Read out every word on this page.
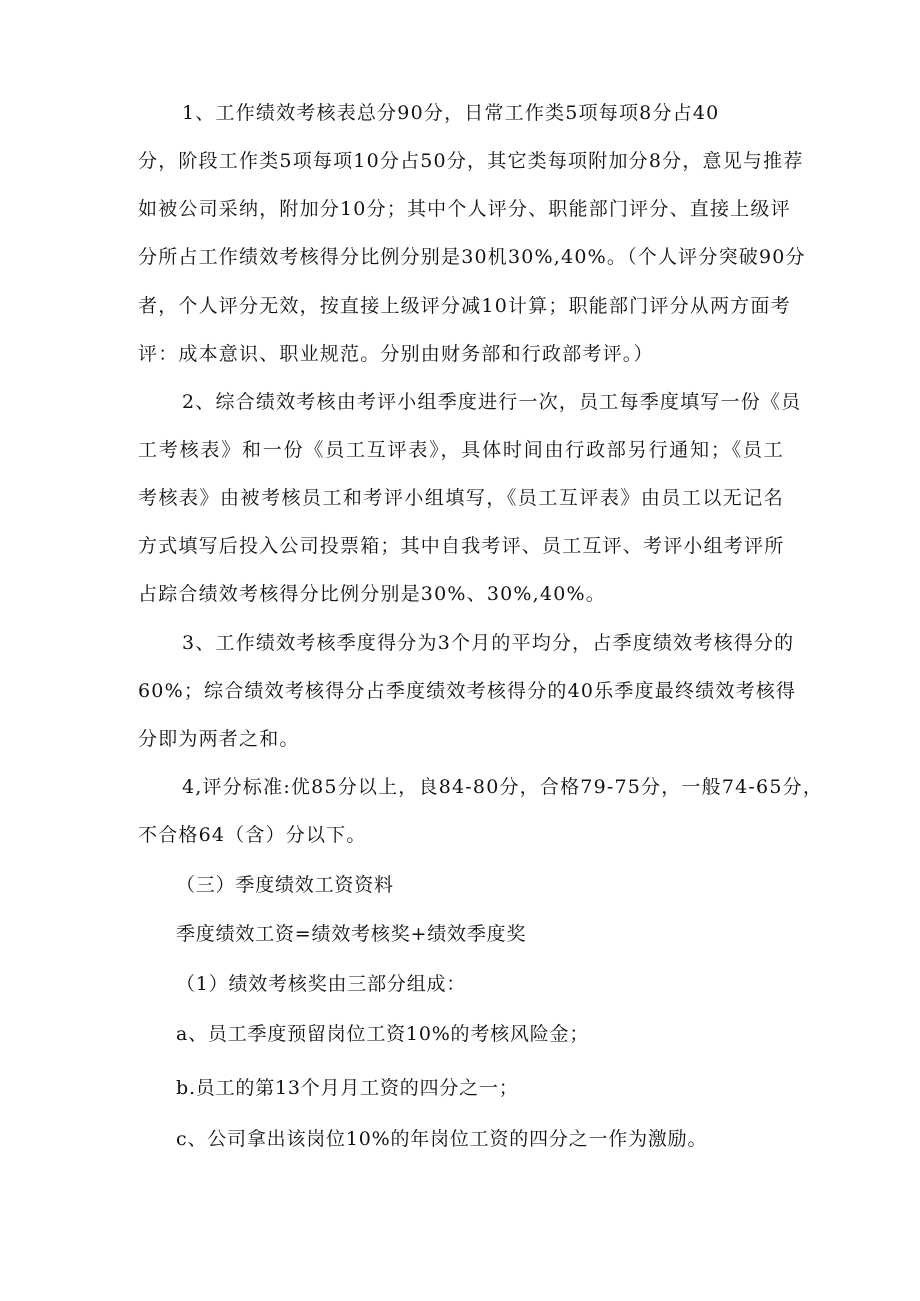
1、工作绩效考核表总分90分，日常工作类5项每项8分占40
分，阶段工作类5项每项10分占50分，其它类每项附加分8分，意见与推荐
如被公司采纳，附加分10分；其中个人评分、职能部门评分、直接上级评
分所占工作绩效考核得分比例分别是30机30%,40%。（个人评分突破90分
者，个人评分无效，按直接上级评分减10计算；职能部门评分从两方面考
评：成本意识、职业规范。分别由财务部和行政部考评。）
2、综合绩效考核由考评小组季度进行一次，员工每季度填写一份《员
工考核表》和一份《员工互评表》，具体时间由行政部另行通知；《员工
考核表》由被考核员工和考评小组填写，《员工互评表》由员工以无记名
方式填写后投入公司投票箱；其中自我考评、员工互评、考评小组考评所
占踪合绩效考核得分比例分别是30%、30%,40%。
3、工作绩效考核季度得分为3个月的平均分，占季度绩效考核得分的
60%；综合绩效考核得分占季度绩效考核得分的40乐季度最终绩效考核得
分即为两者之和。
4,评分标准:优85分以上，良84-80分，合格79-75分，一般74-65分，
不合格64（含）分以下。
（三）季度绩效工资资料
季度绩效工资=绩效考核奖+绩效季度奖
（1）绩效考核奖由三部分组成：
a、员工季度预留岗位工资10%的考核风险金；
b.员工的第13个月月工资的四分之一；
c、公司拿出该岗位10%的年岗位工资的四分之一作为激励。
